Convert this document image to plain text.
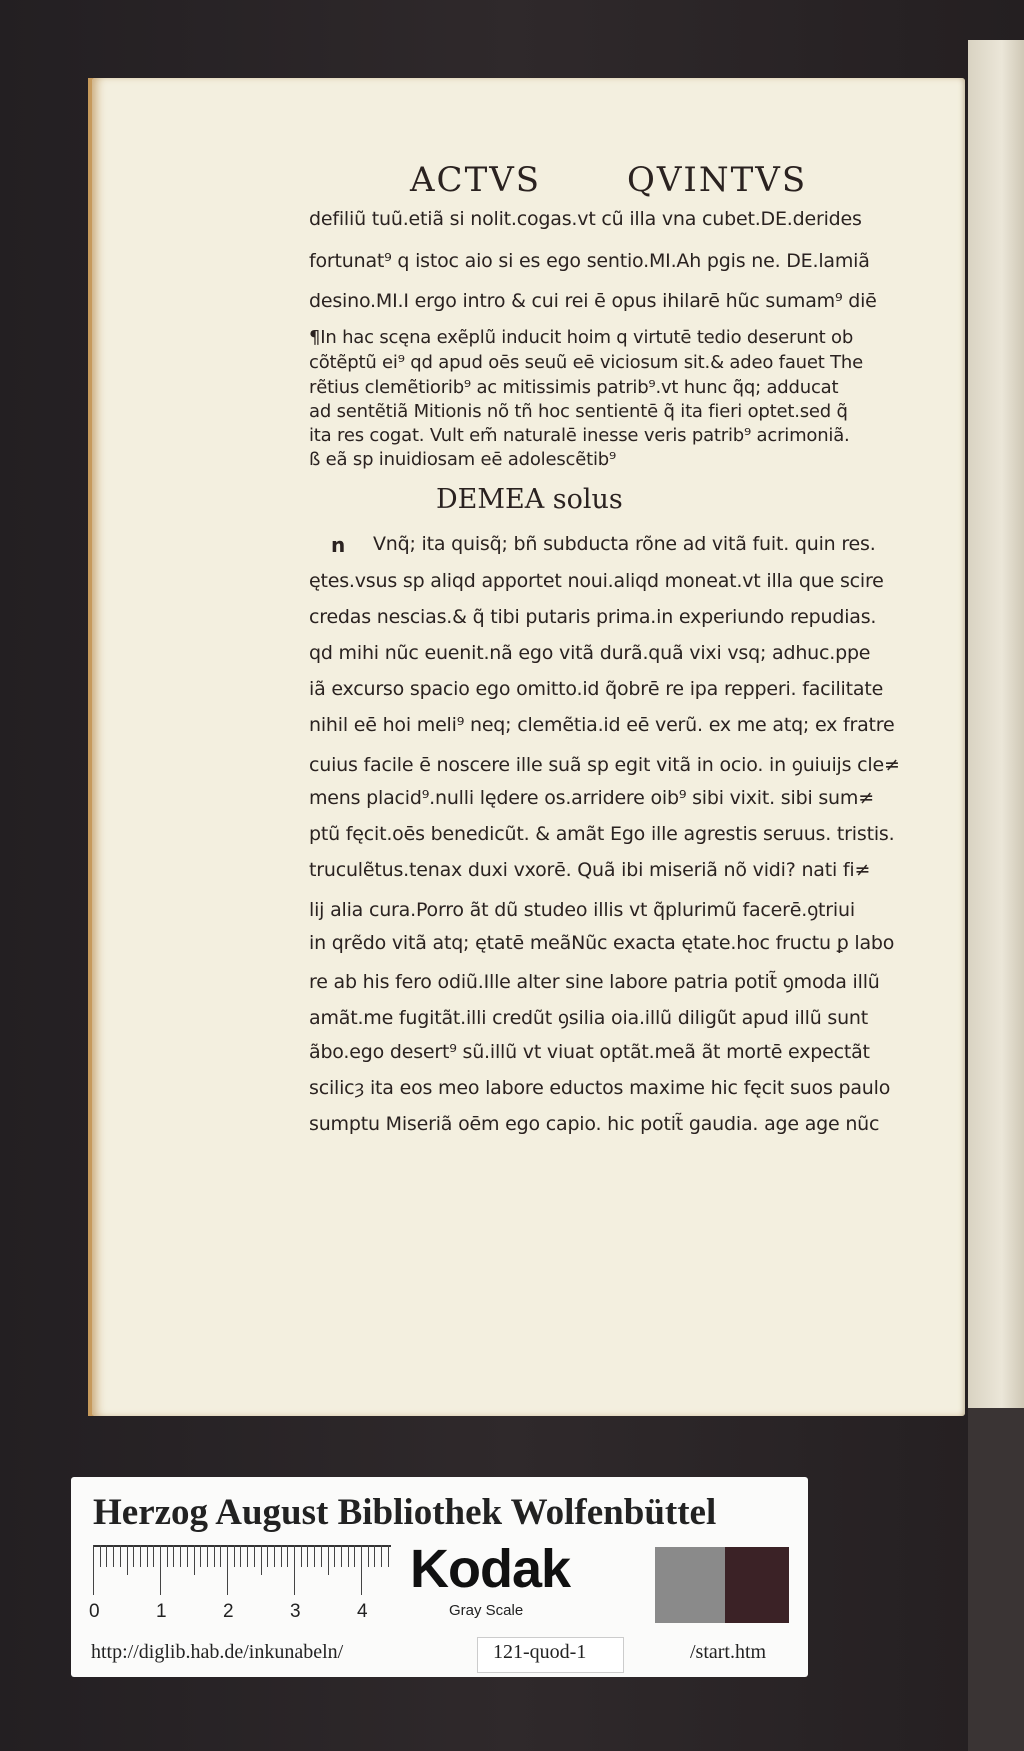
ACTVS	QVINTVS
defiliũ tuũ.etiã si nolit.cogas.vt cũ illa vna cubet.DE.derides
fortunat⁹ q istoc aio si es ego sentio.MI.Ah pgis ne. DE.lamiã
desino.MI.I ergo intro & cui rei ē opus ihilarē hũc sumam⁹ diē
¶In hac scęna exẽplũ inducit hoim q virtutē tedio deserunt ob
cõtẽptũ ei⁹ qd apud oēs seuũ eē viciosum sit.& adeo fauet The
rẽtius clemẽtiorib⁹ ac mitissimis patrib⁹.vt hunc q̃q; adducat
ad sentẽtiã Mitionis nõ tñ hoc sentientē q̃ ita fieri optet.sed q̃
ita res cogat. Vult em̃ naturalē inesse veris patrib⁹ acrimoniã.
ß eã sp inuidiosam eē adolescẽtib⁹
DEMEA solus
n Vnq̃; ita quisq̃; bñ subducta rõne ad vitã fuit. quin res.
ętes.vsus sp aliqd apportet noui.aliqd moneat.vt illa que scire
credas nescias.& q̃ tibi putaris prima.in experiundo repudias.
qd mihi nũc euenit.nã ego vitã durã.quã vixi vsq; adhuc.ppe
iã excurso spacio ego omitto.id q̃obrē re ipa repperi. facilitate
nihil eē hoi meli⁹ neq; clemẽtia.id eē verũ. ex me atq; ex fratre
cuius facile ē noscere ille suã sp egit vitã in ocio. in ꝯuiuijs cle≠
mens placid⁹.nulli lędere os.arridere oib⁹ sibi vixit. sibi sum≠
ptũ fęcit.oēs benedicũt. & amãt Ego ille agrestis seruus. tristis.
truculẽtus.tenax duxi vxorē. Quã ibi miseriã nõ vidi? nati fi≠
lij alia cura.Porro ãt dũ studeo illis vt q̃plurimũ facerē.ꝯtriui
in qrẽdo vitã atq; ętatē meãNũc exacta ętate.hoc fructu ꝑ labo
re ab his fero odiũ.Ille alter sine labore patria potit̃ ꝯmoda illũ
amãt.me fugitãt.illi credũt ꝯsilia oia.illũ diligũt apud illũ sunt
ãbo.ego desert⁹ sũ.illũ vt viuat optãt.meã ãt mortē expectãt
scilicȝ ita eos meo labore eductos maxime hic fęcit suos paulo
sumptu Miseriã oēm ego capio. hic potit̃ gaudia. age age nũc
Herzog August Bibliothek Wolfenbüttel
0	1	2	3	4
Kodak
Gray Scale
http://diglib.hab.de/inkunabeln/	121-quod-1	/start.htm
